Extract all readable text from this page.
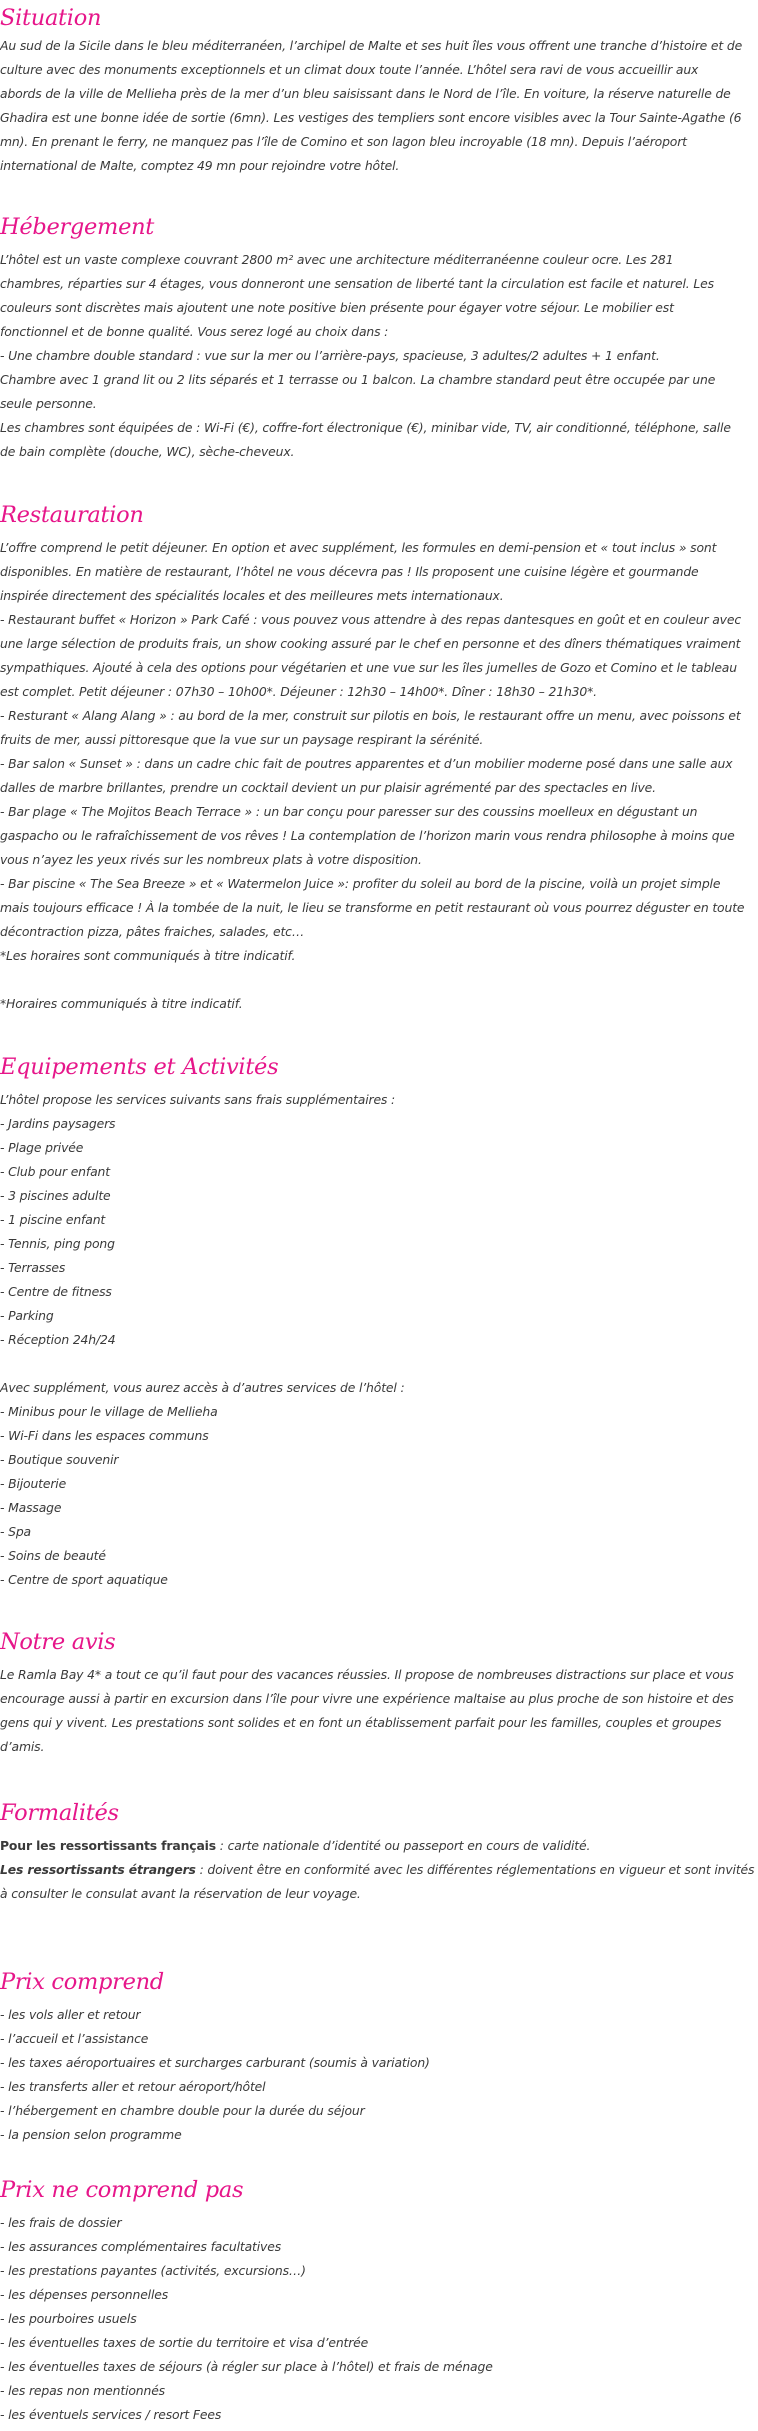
Situation

Au sud de la Sicile dans le bleu méditerranéen, l’archipel de Malte et ses huit îles vous offrent une tranche d’histoire et de

culture avec des monuments exceptionnels et un climat doux toute l’année. L’hôtel sera ravi de vous accueillir aux

abords de la ville de Mellieha près de la mer d’un bleu saisissant dans le Nord de l’île. En voiture, la réserve naturelle de

Ghadira est une bonne idée de sortie (6mn). Les vestiges des templiers sont encore visibles avec la Tour Sainte-Agathe (6

mn). En prenant le ferry, ne manquez pas l’île de Comino et son lagon bleu incroyable (18 mn). Depuis l’aéroport

international de Malte, comptez 49 mn pour rejoindre votre hôtel.

Hébergement

L’hôtel est un vaste complexe couvrant 2800 m² avec une architecture méditerranéenne couleur ocre. Les 281

chambres, réparties sur 4 étages, vous donneront une sensation de liberté tant la circulation est facile et naturel. Les

couleurs sont discrètes mais ajoutent une note positive bien présente pour égayer votre séjour. Le mobilier est

fonctionnel et de bonne qualité. Vous serez logé au choix dans :

- Une chambre double standard : vue sur la mer ou l’arrière-pays, spacieuse, 3 adultes/2 adultes + 1 enfant.

Chambre avec 1 grand lit ou 2 lits séparés et 1 terrasse ou 1 balcon. La chambre standard peut être occupée par une

seule personne.

Les chambres sont équipées de : Wi-Fi (€), coffre-fort électronique (€), minibar vide, TV, air conditionné, téléphone, salle

de bain complète (douche, WC), sèche-cheveux.

Restauration

L’offre comprend le petit déjeuner. En option et avec supplément, les formules en demi-pension et « tout inclus » sont

disponibles. En matière de restaurant, l’hôtel ne vous décevra pas ! Ils proposent une cuisine légère et gourmande

inspirée directement des spécialités locales et des meilleures mets internationaux.

- Restaurant buffet « Horizon » Park Café : vous pouvez vous attendre à des repas dantesques en goût et en couleur avec

une large sélection de produits frais, un show cooking assuré par le chef en personne et des dîners thématiques vraiment

sympathiques. Ajouté à cela des options pour végétarien et une vue sur les îles jumelles de Gozo et Comino et le tableau

est complet. Petit déjeuner : 07h30 – 10h00*. Déjeuner : 12h30 – 14h00*. Dîner : 18h30 – 21h30*.

- Resturant « Alang Alang » : au bord de la mer, construit sur pilotis en bois, le restaurant offre un menu, avec poissons et

fruits de mer, aussi pittoresque que la vue sur un paysage respirant la sérénité.

- Bar salon « Sunset » : dans un cadre chic fait de poutres apparentes et d’un mobilier moderne posé dans une salle aux

dalles de marbre brillantes, prendre un cocktail devient un pur plaisir agrémenté par des spectacles en live.

- Bar plage « The Mojitos Beach Terrace » : un bar conçu pour paresser sur des coussins moelleux en dégustant un

gaspacho ou le rafraîchissement de vos rêves ! La contemplation de l’horizon marin vous rendra philosophe à moins que

vous n’ayez les yeux rivés sur les nombreux plats à votre disposition.

- Bar piscine « The Sea Breeze » et « Watermelon Juice »: profiter du soleil au bord de la piscine, voilà un projet simple

mais toujours efficace ! À la tombée de la nuit, le lieu se transforme en petit restaurant où vous pourrez déguster en toute

décontraction pizza, pâtes fraiches, salades, etc…

*Les horaires sont communiqués à titre indicatif.

*Horaires communiqués à titre indicatif.

Equipements et Activités

L’hôtel propose les services suivants sans frais supplémentaires :

- Jardins paysagers

- Plage privée

- Club pour enfant

- 3 piscines adulte

- 1 piscine enfant

- Tennis, ping pong

- Terrasses

- Centre de fitness

- Parking

- Réception 24h/24

Avec supplément, vous aurez accès à d’autres services de l’hôtel :

- Minibus pour le village de Mellieha

- Wi-Fi dans les espaces communs

- Boutique souvenir

- Bijouterie

- Massage

- Spa

- Soins de beauté

- Centre de sport aquatique

Notre avis

Le Ramla Bay 4* a tout ce qu’il faut pour des vacances réussies. Il propose de nombreuses distractions sur place et vous

encourage aussi à partir en excursion dans l’île pour vivre une expérience maltaise au plus proche de son histoire et des

gens qui y vivent. Les prestations sont solides et en font un établissement parfait pour les familles, couples et groupes

d’amis.

Formalités

Pour les ressortissants français : carte nationale d’identité ou passeport en cours de validité.

Les ressortissants étrangers : doivent être en conformité avec les différentes réglementations en vigueur et sont invités

à consulter le consulat avant la réservation de leur voyage.

Prix comprend

- les vols aller et retour

- l’accueil et l’assistance

- les taxes aéroportuaires et surcharges carburant (soumis à variation)

- les transferts aller et retour aéroport/hôtel

- l’hébergement en chambre double pour la durée du séjour

- la pension selon programme

Prix ne comprend pas

- les frais de dossier

- les assurances complémentaires facultatives

- les prestations payantes (activités, excursions…)

- les dépenses personnelles

- les pourboires usuels

- les éventuelles taxes de sortie du territoire et visa d’entrée

- les éventuelles taxes de séjours (à régler sur place à l’hôtel) et frais de ménage

- les repas non mentionnés

- les éventuels services / resort Fees
